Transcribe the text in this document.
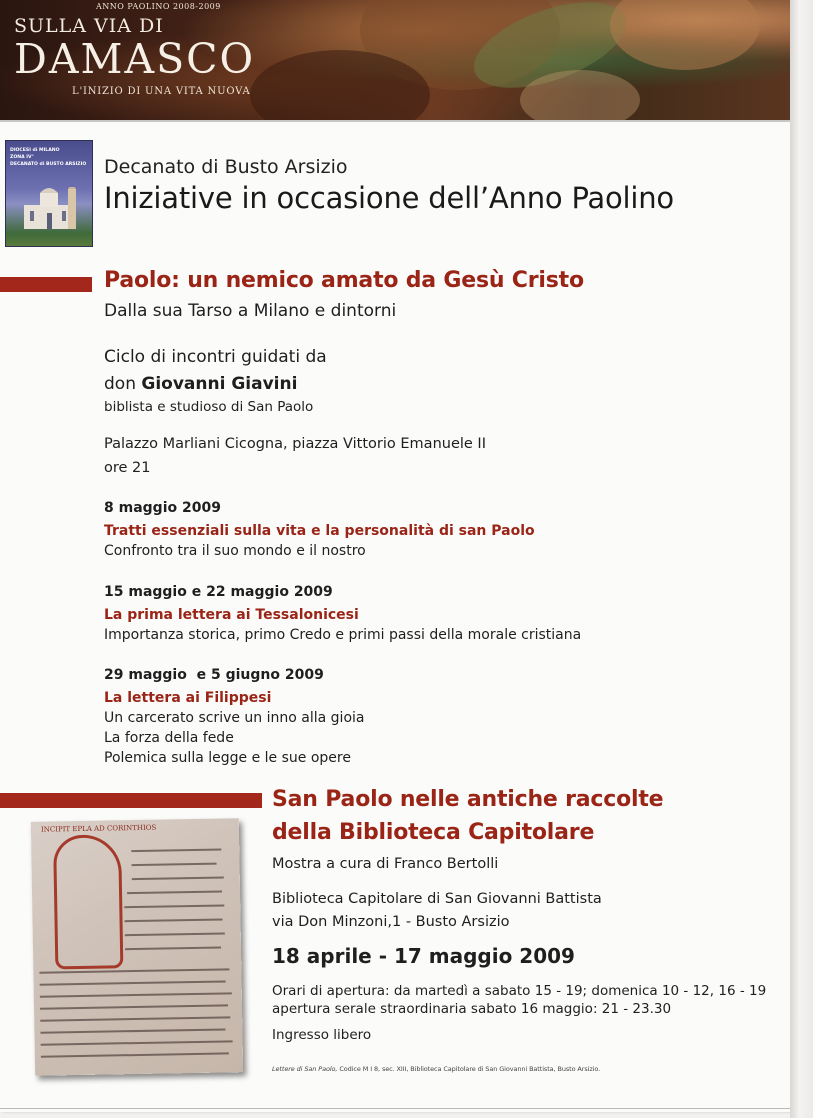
ANNO PAOLINO 2008-2009
SULLA VIA DI
DAMASCO
L'INIZIO DI UNA VITA NUOVA
DIOCESI di MILANO
ZONA IV°
DECANATO di BUSTO ARSIZIO Decanato di Busto Arsizio
Iniziative in occasione dell’Anno Paolino
Paolo: un nemico amato da Gesù Cristo
Dalla sua Tarso a Milano e dintorni
Ciclo di incontri guidati da
don Giovanni Giavini
biblista e studioso di San Paolo
Palazzo Marliani Cicogna, piazza Vittorio Emanuele II
ore 21
8 maggio 2009
Tratti essenziali sulla vita e la personalità di san Paolo
Confronto tra il suo mondo e il nostro
15 maggio e 22 maggio 2009
La prima lettera ai Tessalonicesi
Importanza storica, primo Credo e primi passi della morale cristiana
29 maggio  e 5 giugno 2009
La lettera ai Filippesi
Un carcerato scrive un inno alla gioia
La forza della fede
Polemica sulla legge e le sue opere
San Paolo nelle antiche raccolte
della Biblioteca Capitolare
Mostra a cura di Franco Bertolli
Biblioteca Capitolare di San Giovanni Battista
via Don Minzoni,1 - Busto Arsizio
18 aprile - 17 maggio 2009
Orari di apertura: da martedì a sabato 15 - 19; domenica 10 - 12, 16 - 19
apertura serale straordinaria sabato 16 maggio: 21 - 23.30
Ingresso libero
INCIPIT EPLA AD CORINTHIOS
Lettere di San Paolo, Codice M I 8, sec. XIII, Biblioteca Capitolare di San Giovanni Battista, Busto Arsizio.
